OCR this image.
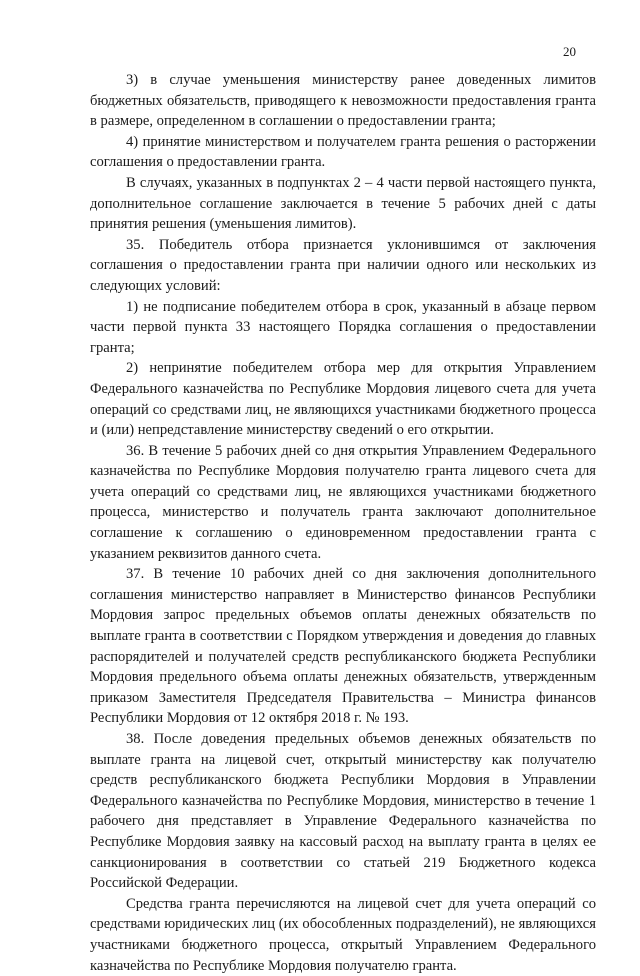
20

3) в случае уменьшения министерству ранее доведенных лимитов бюджетных обязательств, приводящего к невозможности предоставления гранта в размере, определенном в соглашении о предоставлении гранта;

4) принятие министерством и получателем гранта решения о расторжении соглашения о предоставлении гранта.

В случаях, указанных в подпунктах 2 – 4 части первой настоящего пункта, дополнительное соглашение заключается в течение 5 рабочих дней с даты принятия решения (уменьшения лимитов).

35. Победитель отбора признается уклонившимся от заключения соглашения о предоставлении гранта при наличии одного или нескольких из следующих условий:

1) не подписание победителем отбора в срок, указанный в абзаце первом части первой пункта 33 настоящего Порядка соглашения о предоставлении гранта;

2) непринятие победителем отбора мер для открытия Управлением Федерального казначейства по Республике Мордовия лицевого счета для учета операций со средствами лиц, не являющихся участниками бюджетного процесса и (или) непредставление министерству сведений о его открытии.

36. В течение 5 рабочих дней со дня открытия Управлением Федерального казначейства по Республике Мордовия получателю гранта лицевого счета для учета операций со средствами лиц, не являющихся участниками бюджетного процесса, министерство и получатель гранта заключают дополнительное соглашение к соглашению о единовременном предоставлении гранта с указанием реквизитов данного счета.

37. В течение 10 рабочих дней со дня заключения дополнительного соглашения министерство направляет в Министерство финансов Республики Мордовия запрос предельных объемов оплаты денежных обязательств по выплате гранта в соответствии с Порядком утверждения и доведения до главных распорядителей и получателей средств республиканского бюджета Республики Мордовия предельного объема оплаты денежных обязательств, утвержденным приказом Заместителя Председателя Правительства – Министра финансов Республики Мордовия от 12 октября 2018 г. № 193.

38. После доведения предельных объемов денежных обязательств по выплате гранта на лицевой счет, открытый министерству как получателю средств республиканского бюджета Республики Мордовия в Управлении Федерального казначейства по Республике Мордовия, министерство в течение 1 рабочего дня представляет в Управление Федерального казначейства по Республике Мордовия заявку на кассовый расход на выплату гранта в целях ее санкционирования в соответствии со статьей 219 Бюджетного кодекса Российской Федерации.

Средства гранта перечисляются на лицевой счет для учета операций со средствами юридических лиц (их обособленных подразделений), не являющихся участниками бюджетного процесса, открытый Управлением Федерального казначейства по Республике Мордовия получателю гранта.
